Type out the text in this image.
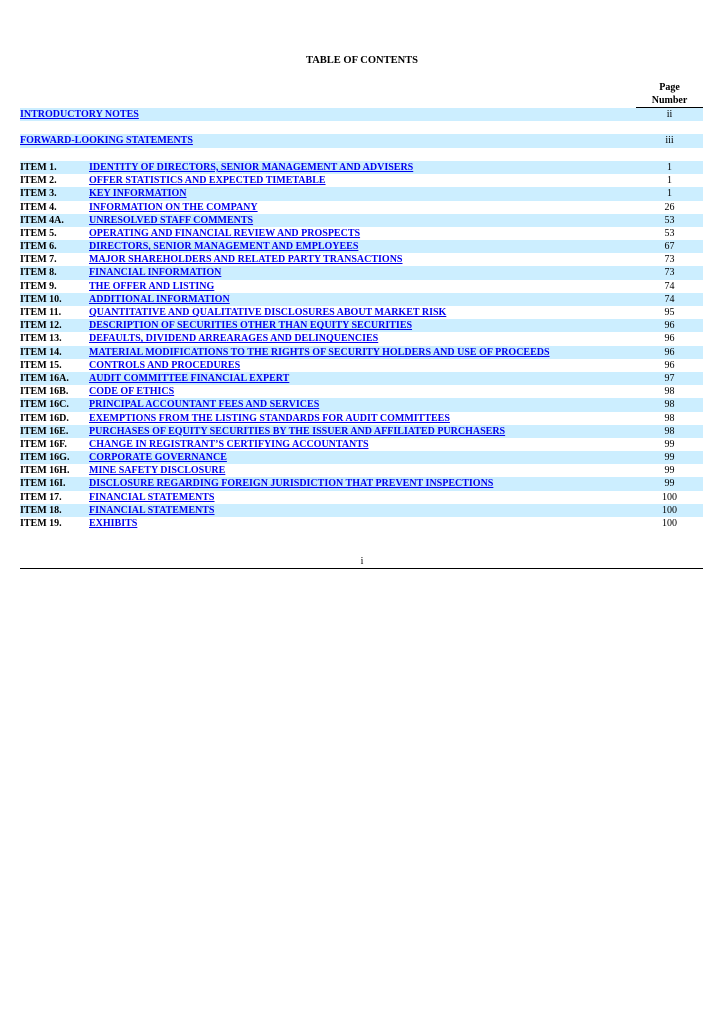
TABLE OF CONTENTS
Page
Number
INTRODUCTORY NOTES	ii
FORWARD-LOOKING STATEMENTS	iii
ITEM 1.	IDENTITY OF DIRECTORS, SENIOR MANAGEMENT AND ADVISERS	1
ITEM 2.	OFFER STATISTICS AND EXPECTED TIMETABLE	1
ITEM 3.	KEY INFORMATION	1
ITEM 4.	INFORMATION ON THE COMPANY	26
ITEM 4A.	UNRESOLVED STAFF COMMENTS	53
ITEM 5.	OPERATING AND FINANCIAL REVIEW AND PROSPECTS	53
ITEM 6.	DIRECTORS, SENIOR MANAGEMENT AND EMPLOYEES	67
ITEM 7.	MAJOR SHAREHOLDERS AND RELATED PARTY TRANSACTIONS	73
ITEM 8.	FINANCIAL INFORMATION	73
ITEM 9.	THE OFFER AND LISTING	74
ITEM 10.	ADDITIONAL INFORMATION	74
ITEM 11.	QUANTITATIVE AND QUALITATIVE DISCLOSURES ABOUT MARKET RISK	95
ITEM 12.	DESCRIPTION OF SECURITIES OTHER THAN EQUITY SECURITIES	96
ITEM 13.	DEFAULTS, DIVIDEND ARREARAGES AND DELINQUENCIES	96
ITEM 14.	MATERIAL MODIFICATIONS TO THE RIGHTS OF SECURITY HOLDERS AND USE OF PROCEEDS	96
ITEM 15.	CONTROLS AND PROCEDURES	96
ITEM 16A. AUDIT COMMITTEE FINANCIAL EXPERT	97
ITEM 16B. CODE OF ETHICS	98
ITEM 16C. PRINCIPAL ACCOUNTANT FEES AND SERVICES	98
ITEM 16D. EXEMPTIONS FROM THE LISTING STANDARDS FOR AUDIT COMMITTEES	98
ITEM 16E. PURCHASES OF EQUITY SECURITIES BY THE ISSUER AND AFFILIATED PURCHASERS	98
ITEM 16F. CHANGE IN REGISTRANT’S CERTIFYING ACCOUNTANTS	99
ITEM 16G. CORPORATE GOVERNANCE	99
ITEM 16H. MINE SAFETY DISCLOSURE	99
ITEM 16I. DISCLOSURE REGARDING FOREIGN JURISDICTION THAT PREVENT INSPECTIONS	99
ITEM 17.	FINANCIAL STATEMENTS	100
ITEM 18.	FINANCIAL STATEMENTS	100
ITEM 19.	EXHIBITS	100
i
